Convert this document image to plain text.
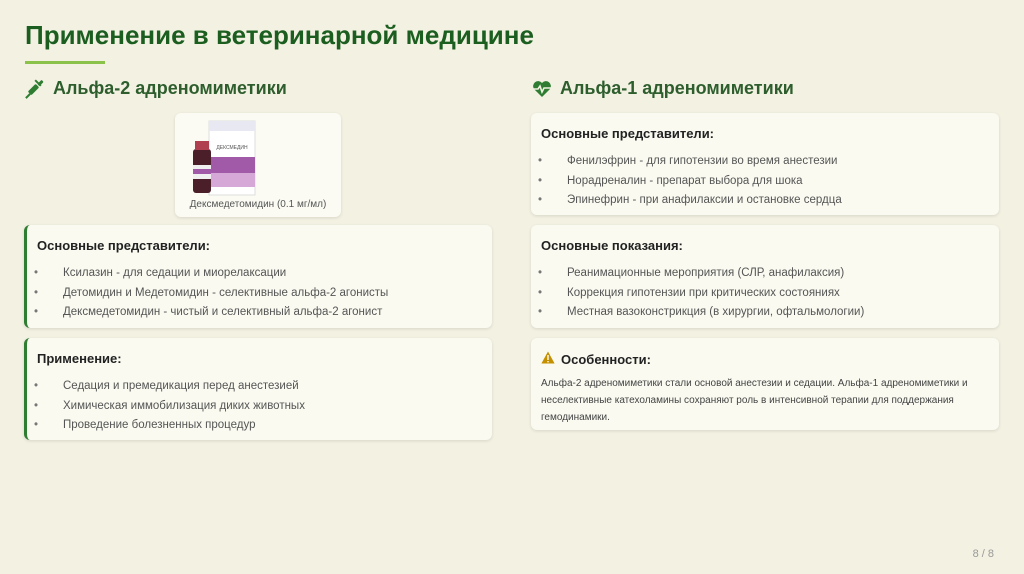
Применение в ветеринарной медицине
Альфа-2 адреномиметики	Альфа-1 адреномиметики
ДЕКСМЕДИН
Дексмедетомидин (0.1 мг/мл)
Основные представители:
• Ксилазин - для седации и миорелаксации
• Детомидин и Медетомидин - селективные альфа-2 агонисты
• Дексмедетомидин - чистый и селективный альфа-2 агонист
Применение:
• Седация и премедикация перед анестезией
• Химическая иммобилизация диких животных
• Проведение болезненных процедур
Основные представители:
• Фенилэфрин - для гипотензии во время анестезии
• Норадреналин - препарат выбора для шока
• Эпинефрин - при анафилаксии и остановке сердца
Основные показания:
• Реанимационные мероприятия (СЛР, анафилаксия)
• Коррекция гипотензии при критических состояниях
• Местная вазоконстрикция (в хирургии, офтальмологии)
Особенности:
Альфа-2 адреномиметики стали основой анестезии и седации. Альфа-1 адреномиметики и неселективные катехоламины сохраняют роль в интенсивной терапии для поддержания гемодинамики.
8 / 8
